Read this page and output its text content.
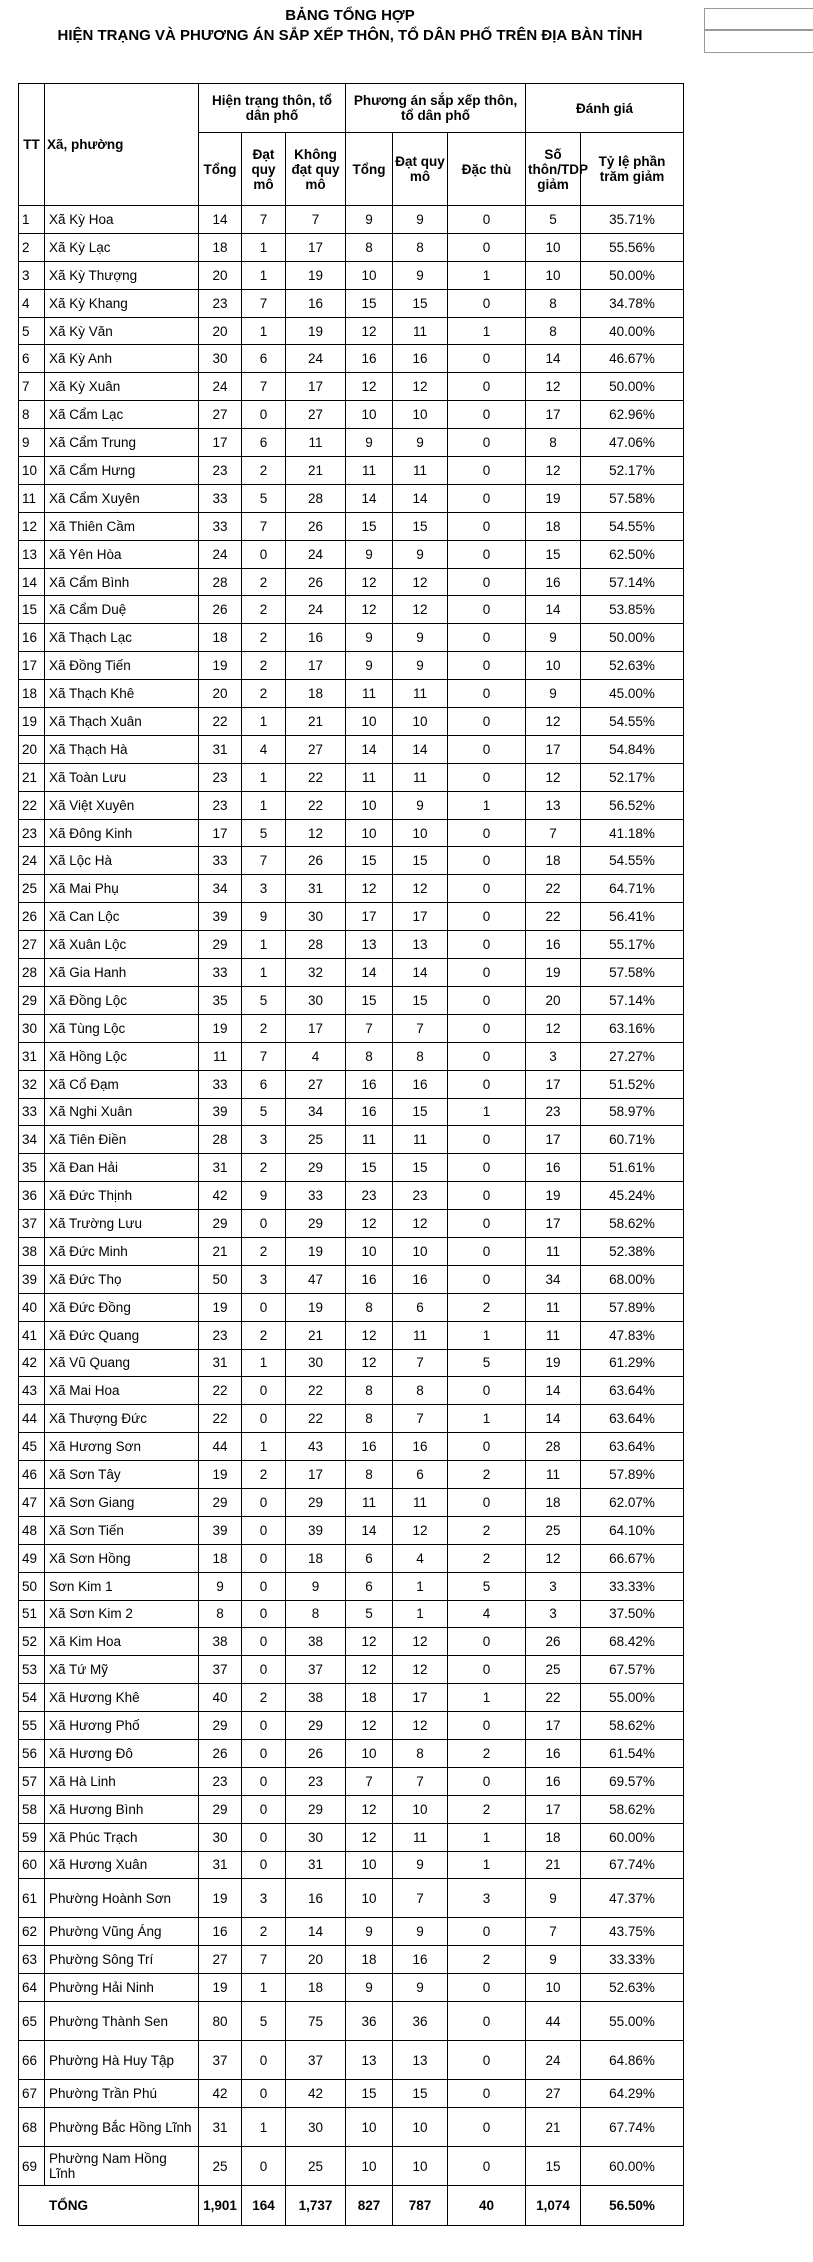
BẢNG TỔNG HỢP
HIỆN TRẠNG VÀ PHƯƠNG ÁN SẮP XẾP THÔN, TỔ DÂN PHỐ TRÊN ĐỊA BÀN TỈNH
TT	Xã, phường	Hiện trạng thôn, tổ dân phố			Phương án sắp xếp thôn, tổ dân phố			Đánh giá		
		Tổng	Đạt quy mô	Không đạt quy mô	Tổng	Đạt quy mô	Đặc thù	Số thôn/TDP giảm	Tỷ lệ phần trăm giảm	
1	Xã Kỳ Hoa	14	7	7	9	9	0	5	35.71%	
2	Xã Kỳ Lạc	18	1	17	8	8	0	10	55.56%	
3	Xã Kỳ Thượng	20	1	19	10	9	1	10	50.00%	
4	Xã Kỳ Khang	23	7	16	15	15	0	8	34.78%	
5	Xã Kỳ Văn	20	1	19	12	11	1	8	40.00%	
6	Xã Kỳ Anh	30	6	24	16	16	0	14	46.67%	
7	Xã Kỳ Xuân	24	7	17	12	12	0	12	50.00%	
8	Xã Cẩm Lạc	27	0	27	10	10	0	17	62.96%	
9	Xã Cẩm Trung	17	6	11	9	9	0	8	47.06%	
10	Xã Cẩm Hưng	23	2	21	11	11	0	12	52.17%	
11	Xã Cẩm Xuyên	33	5	28	14	14	0	19	57.58%	
12	Xã Thiên Cầm	33	7	26	15	15	0	18	54.55%	
13	Xã Yên Hòa	24	0	24	9	9	0	15	62.50%	
14	Xã Cẩm Bình	28	2	26	12	12	0	16	57.14%	
15	Xã Cẩm Duệ	26	2	24	12	12	0	14	53.85%	
16	Xã Thạch Lạc	18	2	16	9	9	0	9	50.00%	
17	Xã Đồng Tiến	19	2	17	9	9	0	10	52.63%	
18	Xã Thạch Khê	20	2	18	11	11	0	9	45.00%	
19	Xã Thạch Xuân	22	1	21	10	10	0	12	54.55%	
20	Xã Thạch Hà	31	4	27	14	14	0	17	54.84%	
21	Xã Toàn Lưu	23	1	22	11	11	0	12	52.17%	
22	Xã Việt Xuyên	23	1	22	10	9	1	13	56.52%	
23	Xã Đông Kinh	17	5	12	10	10	0	7	41.18%	
24	Xã Lộc Hà	33	7	26	15	15	0	18	54.55%	
25	Xã Mai Phụ	34	3	31	12	12	0	22	64.71%	
26	Xã Can Lộc	39	9	30	17	17	0	22	56.41%	
27	Xã Xuân Lộc	29	1	28	13	13	0	16	55.17%	
28	Xã Gia Hanh	33	1	32	14	14	0	19	57.58%	
29	Xã Đồng Lộc	35	5	30	15	15	0	20	57.14%	
30	Xã Tùng Lộc	19	2	17	7	7	0	12	63.16%	
31	Xã Hồng Lộc	11	7	4	8	8	0	3	27.27%	
32	Xã Cổ Đạm	33	6	27	16	16	0	17	51.52%	
33	Xã Nghi Xuân	39	5	34	16	15	1	23	58.97%	
34	Xã Tiên Điền	28	3	25	11	11	0	17	60.71%	
35	Xã Đan Hải	31	2	29	15	15	0	16	51.61%	
36	Xã Đức Thịnh	42	9	33	23	23	0	19	45.24%	
37	Xã Trường Lưu	29	0	29	12	12	0	17	58.62%	
38	Xã Đức Minh	21	2	19	10	10	0	11	52.38%	
39	Xã Đức Thọ	50	3	47	16	16	0	34	68.00%	
40	Xã Đức Đồng	19	0	19	8	6	2	11	57.89%	
41	Xã Đức Quang	23	2	21	12	11	1	11	47.83%	
42	Xã Vũ Quang	31	1	30	12	7	5	19	61.29%	
43	Xã Mai Hoa	22	0	22	8	8	0	14	63.64%	
44	Xã Thượng Đức	22	0	22	8	7	1	14	63.64%	
45	Xã Hương Sơn	44	1	43	16	16	0	28	63.64%	
46	Xã Sơn Tây	19	2	17	8	6	2	11	57.89%	
47	Xã Sơn Giang	29	0	29	11	11	0	18	62.07%	
48	Xã Sơn Tiến	39	0	39	14	12	2	25	64.10%	
49	Xã Sơn Hồng	18	0	18	6	4	2	12	66.67%	
50	Sơn Kim 1	9	0	9	6	1	5	3	33.33%	
51	Xã Sơn Kim 2	8	0	8	5	1	4	3	37.50%	
52	Xã Kim Hoa	38	0	38	12	12	0	26	68.42%	
53	Xã Tứ Mỹ	37	0	37	12	12	0	25	67.57%	
54	Xã Hương Khê	40	2	38	18	17	1	22	55.00%	
55	Xã Hương Phố	29	0	29	12	12	0	17	58.62%	
56	Xã Hương Đô	26	0	26	10	8	2	16	61.54%	
57	Xã Hà Linh	23	0	23	7	7	0	16	69.57%	
58	Xã Hương Bình	29	0	29	12	10	2	17	58.62%	
59	Xã Phúc Trạch	30	0	30	12	11	1	18	60.00%	
60	Xã Hương Xuân	31	0	31	10	9	1	21	67.74%	
61	Phường Hoành Sơn	19	3	16	10	7	3	9	47.37%	
62	Phường Vũng Áng	16	2	14	9	9	0	7	43.75%	
63	Phường Sông Trí	27	7	20	18	16	2	9	33.33%	
64	Phường Hải Ninh	19	1	18	9	9	0	10	52.63%	
65	Phường Thành Sen	80	5	75	36	36	0	44	55.00%	
66	Phường Hà Huy Tập	37	0	37	13	13	0	24	64.86%	
67	Phường Trần Phú	42	0	42	15	15	0	27	64.29%	
68	Phường Bắc Hồng Lĩnh	31	1	30	10	10	0	21	67.74%	
69	Phường Nam Hồng Lĩnh	25	0	25	10	10	0	15	60.00%	
TỔNG		1,901	164	1,737	827	787	40	1,074	56.50%	
